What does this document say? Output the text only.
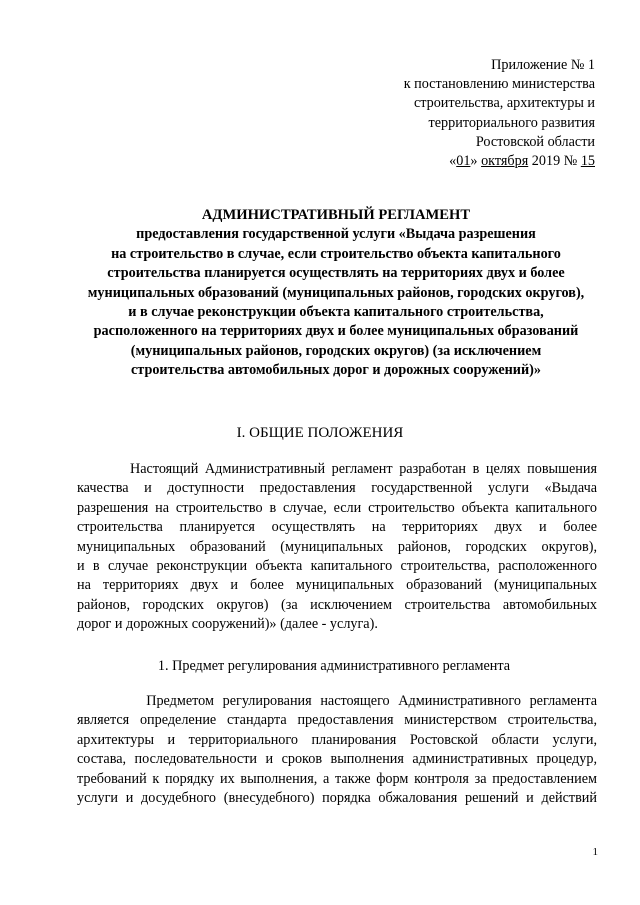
Приложение № 1
к постановлению министерства
строительства, архитектуры и
территориального развития
Ростовской области
«01» октября 2019 № 15
АДМИНИСТРАТИВНЫЙ РЕГЛАМЕНТ
предоставления государственной услуги «Выдача разрешения
на строительство в случае, если строительство объекта капитального
строительства планируется осуществлять на территориях двух и более
муниципальных образований (муниципальных районов, городских округов),
и в случае реконструкции объекта капитального строительства,
расположенного на территориях двух и более муниципальных образований
(муниципальных районов, городских округов) (за исключением
строительства автомобильных дорог и дорожных сооружений)»
I. ОБЩИЕ ПОЛОЖЕНИЯ
Настоящий Административный регламент разработан в целях повышения
качества и доступности предоставления государственной услуги «Выдача
разрешения на строительство в случае, если строительство объекта капитального
строительства планируется осуществлять на территориях двух и более
муниципальных образований (муниципальных районов, городских округов),
и в случае реконструкции объекта капитального строительства, расположенного
на территориях двух и более муниципальных образований (муниципальных
районов, городских округов) (за исключением строительства автомобильных
дорог и дорожных сооружений)» (далее - услуга).
1. Предмет регулирования административного регламента
Предметом регулирования настоящего Административного регламента
является определение стандарта предоставления министерством строительства,
архитектуры и территориального планирования Ростовской области услуги,
состава, последовательности и сроков выполнения административных процедур,
требований к порядку их выполнения, а также форм контроля за предоставлением
услуги и досудебного (внесудебного) порядка обжалования решений и действий
1
